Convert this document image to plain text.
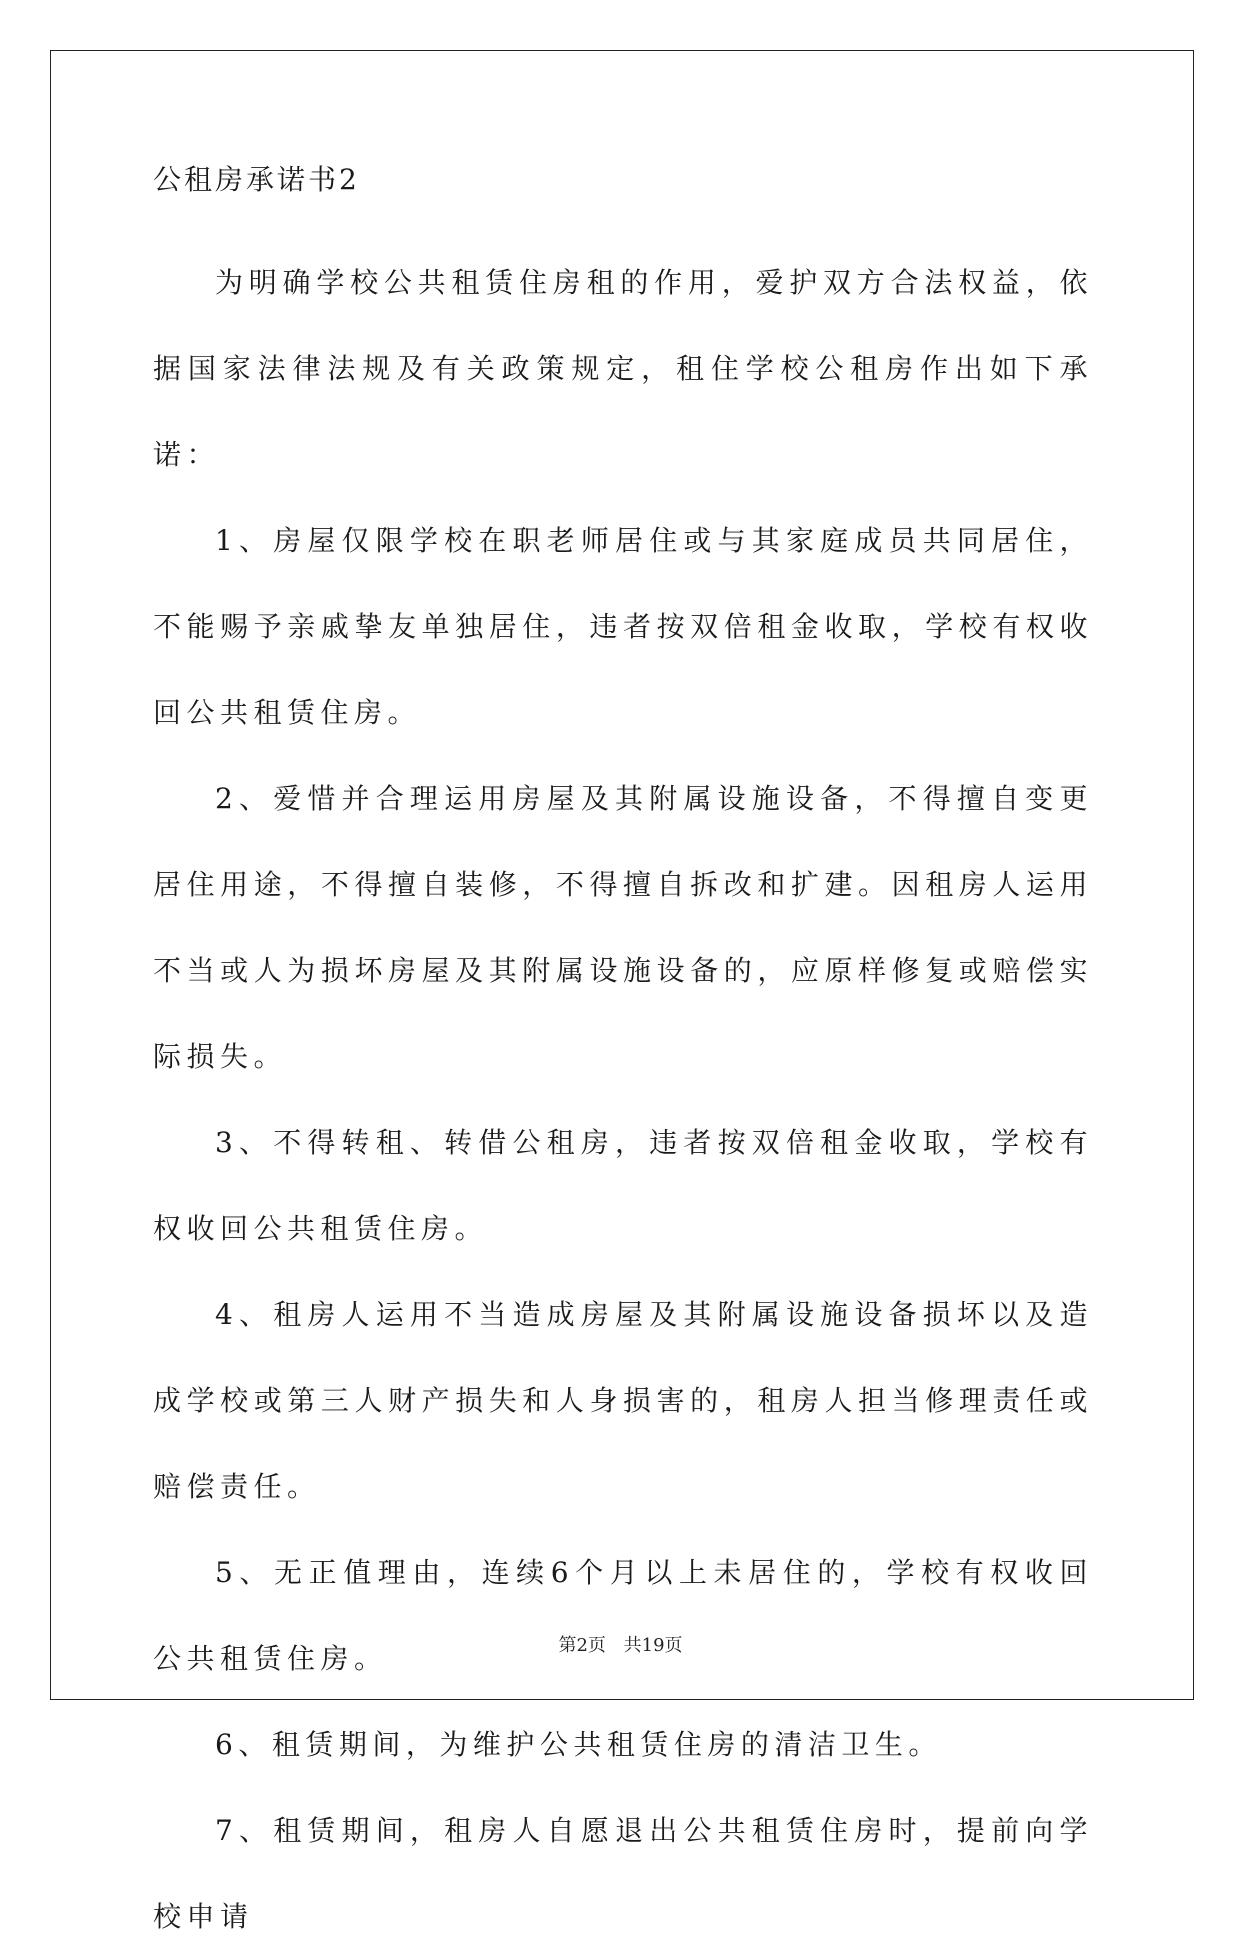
公租房承诺书2

为明确学校公共租赁住房租的作用，爱护双方合法权益，依据国家法律法规及有关政策规定，租住学校公租房作出如下承诺：

1、房屋仅限学校在职老师居住或与其家庭成员共同居住，不能赐予亲戚挚友单独居住，违者按双倍租金收取，学校有权收回公共租赁住房。

2、爱惜并合理运用房屋及其附属设施设备，不得擅自变更居住用途，不得擅自装修，不得擅自拆改和扩建。因租房人运用不当或人为损坏房屋及其附属设施设备的，应原样修复或赔偿实际损失。

3、不得转租、转借公租房，违者按双倍租金收取，学校有权收回公共租赁住房。

4、租房人运用不当造成房屋及其附属设施设备损坏以及造成学校或第三人财产损失和人身损害的，租房人担当修理责任或赔偿责任。

5、无正值理由，连续6个月以上未居住的，学校有权收回公共租赁住房。

6、租赁期间，为维护公共租赁住房的清洁卫生。

7、租赁期间，租房人自愿退出公共租赁住房时，提前向学校申请

第2页 共19页
